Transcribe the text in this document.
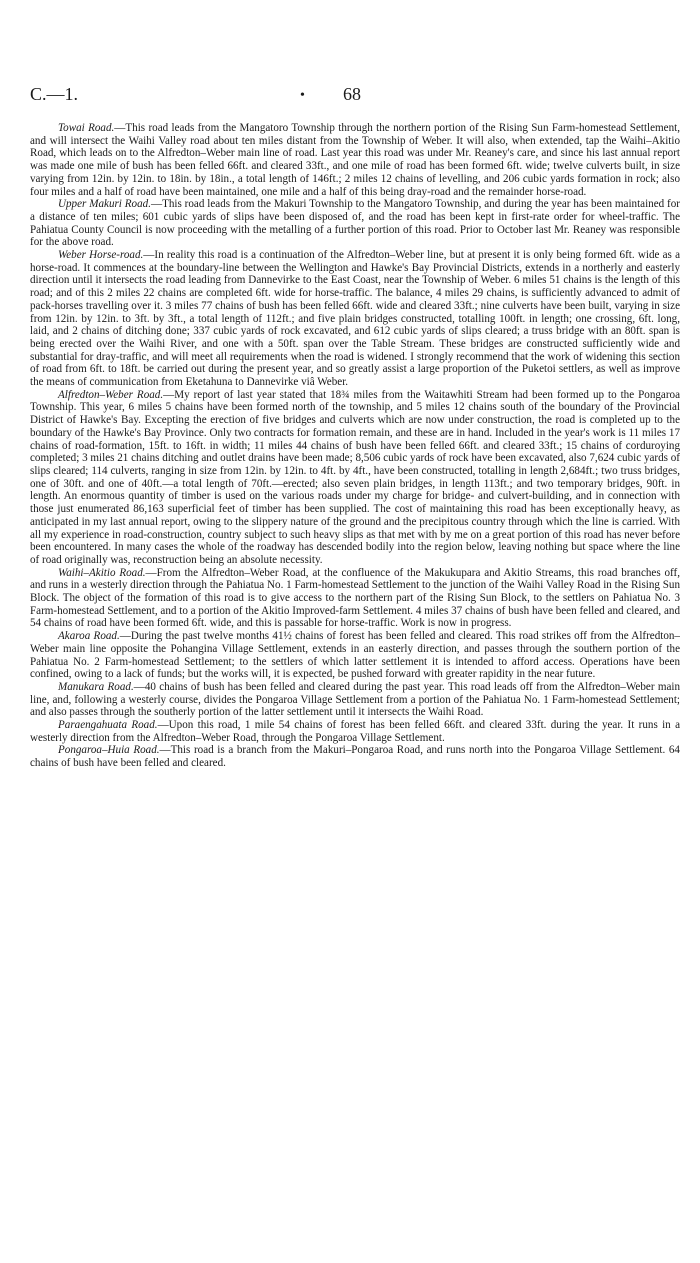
C.—1.	• 68

Towai Road.—This road leads from the Mangatoro Township through the northern portion of the Rising Sun Farm-homestead Settlement, and will intersect the Waihi Valley road about ten miles distant from the Township of Weber. It will also, when extended, tap the Waihi–Akitio Road, which leads on to the Alfredton–Weber main line of road. Last year this road was under Mr. Reaney's care, and since his last annual report was made one mile of bush has been felled 66ft. and cleared 33ft., and one mile of road has been formed 6ft. wide; twelve culverts built, in size varying from 12in. by 12in. to 18in. by 18in., a total length of 146ft.; 2 miles 12 chains of levelling, and 206 cubic yards formation in rock; also four miles and a half of road have been maintained, one mile and a half of this being dray-road and the remainder horse-road.

Upper Makuri Road.—This road leads from the Makuri Township to the Mangatoro Township, and during the year has been maintained for a distance of ten miles; 601 cubic yards of slips have been disposed of, and the road has been kept in first-rate order for wheel-traffic. The Pahiatua County Council is now proceeding with the metalling of a further portion of this road. Prior to October last Mr. Reaney was responsible for the above road.

Weber Horse-road.—In reality this road is a continuation of the Alfredton–Weber line, but at present it is only being formed 6ft. wide as a horse-road. It commences at the boundary-line between the Wellington and Hawke's Bay Provincial Districts, extends in a northerly and easterly direction until it intersects the road leading from Dannevirke to the East Coast, near the Township of Weber. 6 miles 51 chains is the length of this road; and of this 2 miles 22 chains are completed 6ft. wide for horse-traffic. The balance, 4 miles 29 chains, is sufficiently advanced to admit of pack-horses travelling over it. 3 miles 77 chains of bush has been felled 66ft. wide and cleared 33ft.; nine culverts have been built, varying in size from 12in. by 12in. to 3ft. by 3ft., a total length of 112ft.; and five plain bridges constructed, totalling 100ft. in length; one crossing, 6ft. long, laid, and 2 chains of ditching done; 337 cubic yards of rock excavated, and 612 cubic yards of slips cleared; a truss bridge with an 80ft. span is being erected over the Waihi River, and one with a 50ft. span over the Table Stream. These bridges are constructed sufficiently wide and substantial for dray-traffic, and will meet all requirements when the road is widened. I strongly recommend that the work of widening this section of road from 6ft. to 18ft. be carried out during the present year, and so greatly assist a large proportion of the Puketoi settlers, as well as improve the means of communication from Eketahuna to Dannevirke viâ Weber.

Alfredton–Weber Road.—My report of last year stated that 18¾ miles from the Waitawhiti Stream had been formed up to the Pongaroa Township. This year, 6 miles 5 chains have been formed north of the township, and 5 miles 12 chains south of the boundary of the Provincial District of Hawke's Bay. Excepting the erection of five bridges and culverts which are now under construction, the road is completed up to the boundary of the Hawke's Bay Province. Only two contracts for formation remain, and these are in hand. Included in the year's work is 11 miles 17 chains of road-formation, 15ft. to 16ft. in width; 11 miles 44 chains of bush have been felled 66ft. and cleared 33ft.; 15 chains of corduroying completed; 3 miles 21 chains ditching and outlet drains have been made; 8,506 cubic yards of rock have been excavated, also 7,624 cubic yards of slips cleared; 114 culverts, ranging in size from 12in. by 12in. to 4ft. by 4ft., have been constructed, totalling in length 2,684ft.; two truss bridges, one of 30ft. and one of 40ft.—a total length of 70ft.—erected; also seven plain bridges, in length 113ft.; and two temporary bridges, 90ft. in length. An enormous quantity of timber is used on the various roads under my charge for bridge- and culvert-building, and in connection with those just enumerated 86,163 superficial feet of timber has been supplied. The cost of maintaining this road has been exceptionally heavy, as anticipated in my last annual report, owing to the slippery nature of the ground and the precipitous country through which the line is carried. With all my experience in road-construction, country subject to such heavy slips as that met with by me on a great portion of this road has never before been encountered. In many cases the whole of the roadway has descended bodily into the region below, leaving nothing but space where the line of road originally was, reconstruction being an absolute necessity.

Waihi–Akitio Road.—From the Alfredton–Weber Road, at the confluence of the Makukupara and Akitio Streams, this road branches off, and runs in a westerly direction through the Pahiatua No. 1 Farm-homestead Settlement to the junction of the Waihi Valley Road in the Rising Sun Block. The object of the formation of this road is to give access to the northern part of the Rising Sun Block, to the settlers on Pahiatua No. 3 Farm-homestead Settlement, and to a portion of the Akitio Improved-farm Settlement. 4 miles 37 chains of bush have been felled and cleared, and 54 chains of road have been formed 6ft. wide, and this is passable for horse-traffic. Work is now in progress.

Akaroa Road.—During the past twelve months 41½ chains of forest has been felled and cleared. This road strikes off from the Alfredton–Weber main line opposite the Pohangina Village Settlement, extends in an easterly direction, and passes through the southern portion of the Pahiatua No. 2 Farm-homestead Settlement; to the settlers of which latter settlement it is intended to afford access. Operations have been confined, owing to a lack of funds; but the works will, it is expected, be pushed forward with greater rapidity in the near future.

Manukara Road.—40 chains of bush has been felled and cleared during the past year. This road leads off from the Alfredton–Weber main line, and, following a westerly course, divides the Pongaroa Village Settlement from a portion of the Pahiatua No. 1 Farm-homestead Settlement; and also passes through the southerly portion of the latter settlement until it intersects the Waihi Road.

Paraengahuata Road.—Upon this road, 1 mile 54 chains of forest has been felled 66ft. and cleared 33ft. during the year. It runs in a westerly direction from the Alfredton–Weber Road, through the Pongaroa Village Settlement.

Pongaroa–Huia Road.—This road is a branch from the Makuri–Pongaroa Road, and runs north into the Pongaroa Village Settlement. 64 chains of bush have been felled and cleared.
